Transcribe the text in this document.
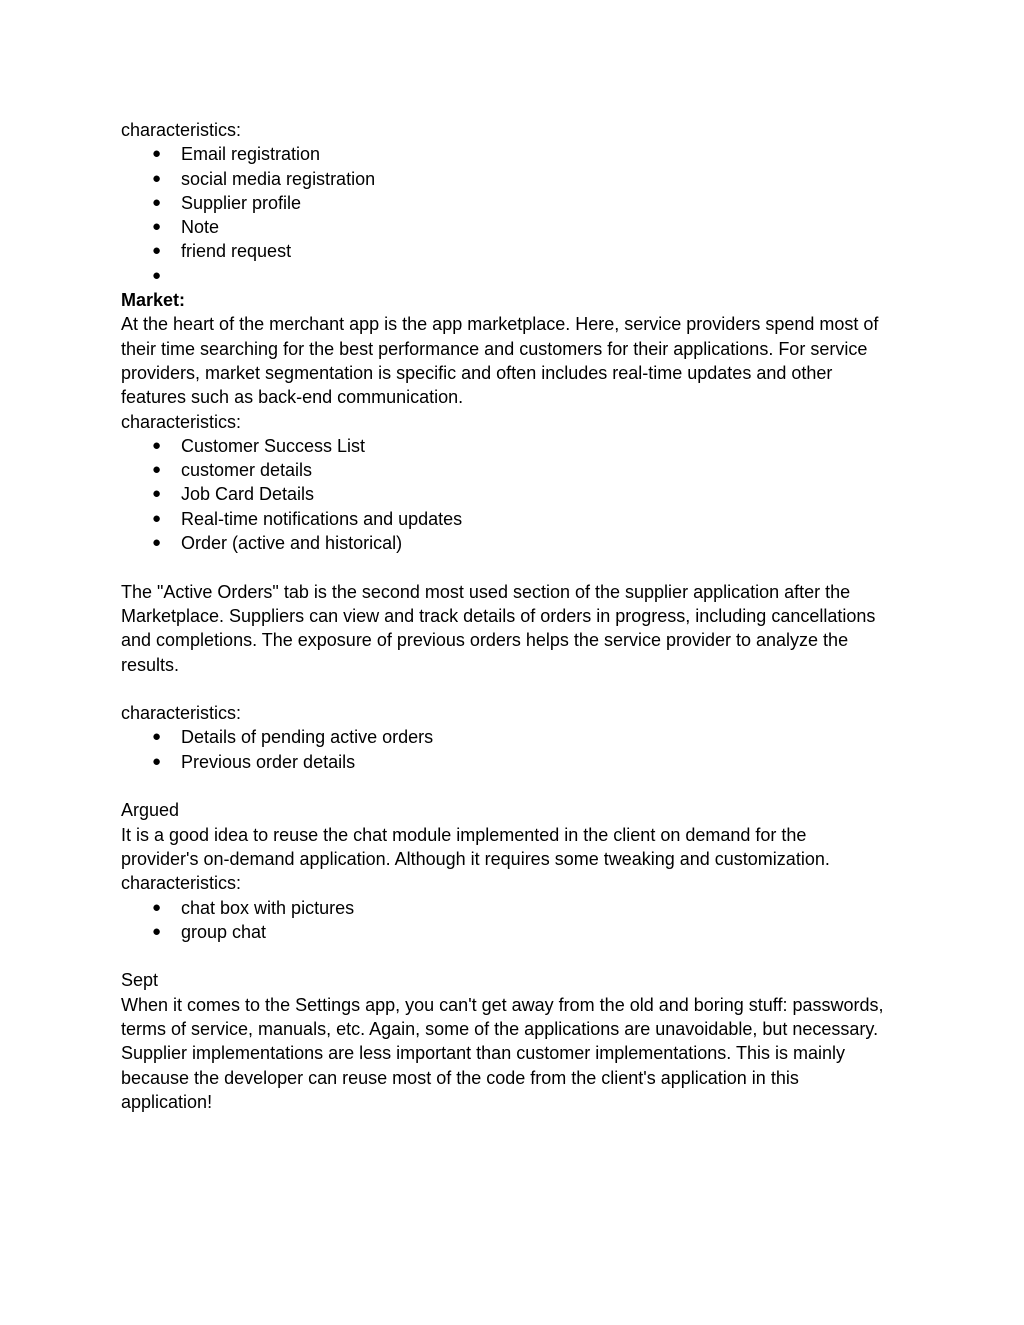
characteristics:
● Email registration
● social media registration
● Supplier profile
● Note
● friend request
●
Market:
At the heart of the merchant app is the app marketplace. Here, service providers spend most of
their time searching for the best performance and customers for their applications. For service
providers, market segmentation is specific and often includes real-time updates and other
features such as back-end communication.
characteristics:
● Customer Success List
● customer details
● Job Card Details
● Real-time notifications and updates
● Order (active and historical)
The "Active Orders" tab is the second most used section of the supplier application after the
Marketplace. Suppliers can view and track details of orders in progress, including cancellations
and completions. The exposure of previous orders helps the service provider to analyze the
results.
characteristics:
● Details of pending active orders
● Previous order details
Argued
It is a good idea to reuse the chat module implemented in the client on demand for the
provider's on-demand application. Although it requires some tweaking and customization.
characteristics:
● chat box with pictures
● group chat
Sept
When it comes to the Settings app, you can't get away from the old and boring stuff: passwords,
terms of service, manuals, etc. Again, some of the applications are unavoidable, but necessary.
Supplier implementations are less important than customer implementations. This is mainly
because the developer can reuse most of the code from the client's application in this
application!
